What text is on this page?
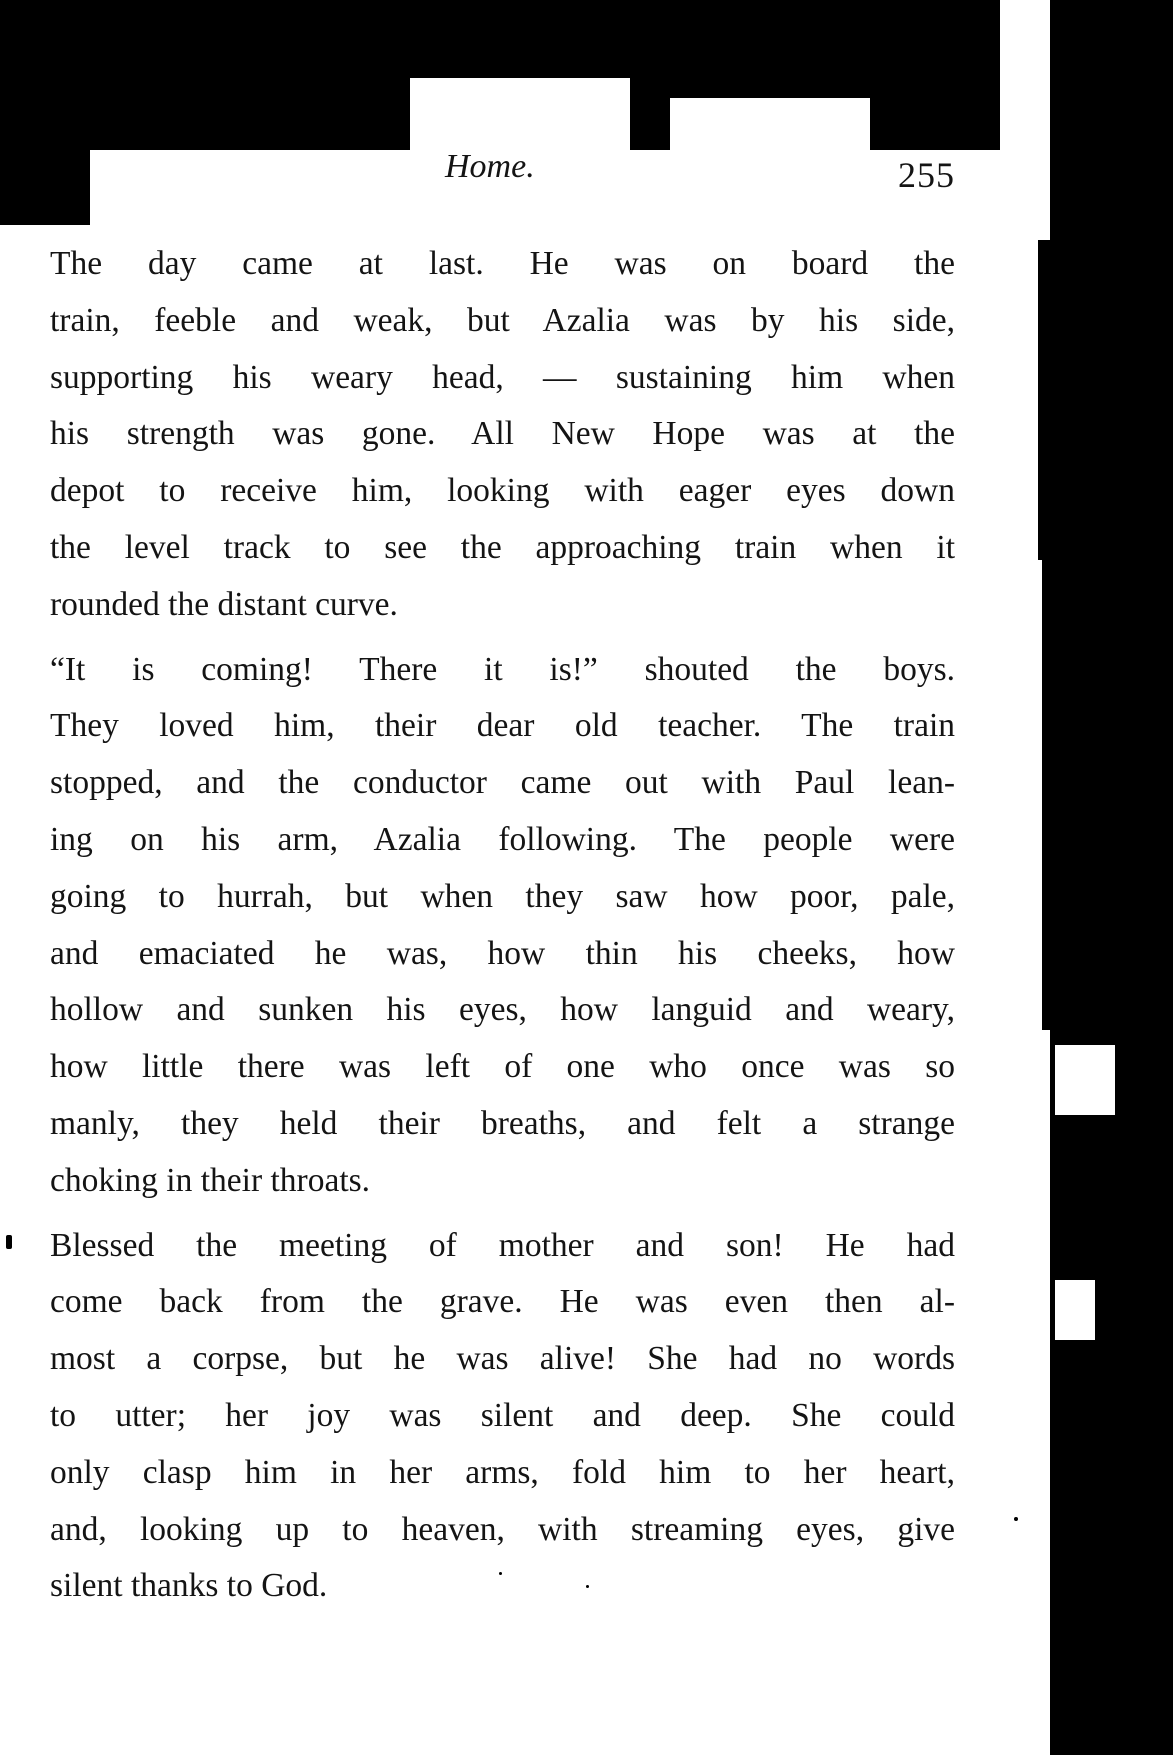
Home.	255

The day came at last. He was on board the
train, feeble and weak, but Azalia was by his side,
supporting his weary head, — sustaining him when
his strength was gone. All New Hope was at the
depot to receive him, looking with eager eyes down
the level track to see the approaching train when it
rounded the distant curve.

“It is coming! There it is!” shouted the boys.
They loved him, their dear old teacher. The train
stopped, and the conductor came out with Paul lean-
ing on his arm, Azalia following. The people were
going to hurrah, but when they saw how poor, pale,
and emaciated he was, how thin his cheeks, how
hollow and sunken his eyes, how languid and weary,
how little there was left of one who once was so
manly, they held their breaths, and felt a strange
choking in their throats.

Blessed the meeting of mother and son! He had
come back from the grave. He was even then al-
most a corpse, but he was alive! She had no words
to utter; her joy was silent and deep. She could
only clasp him in her arms, fold him to her heart,
and, looking up to heaven, with streaming eyes, give
silent thanks to God.
